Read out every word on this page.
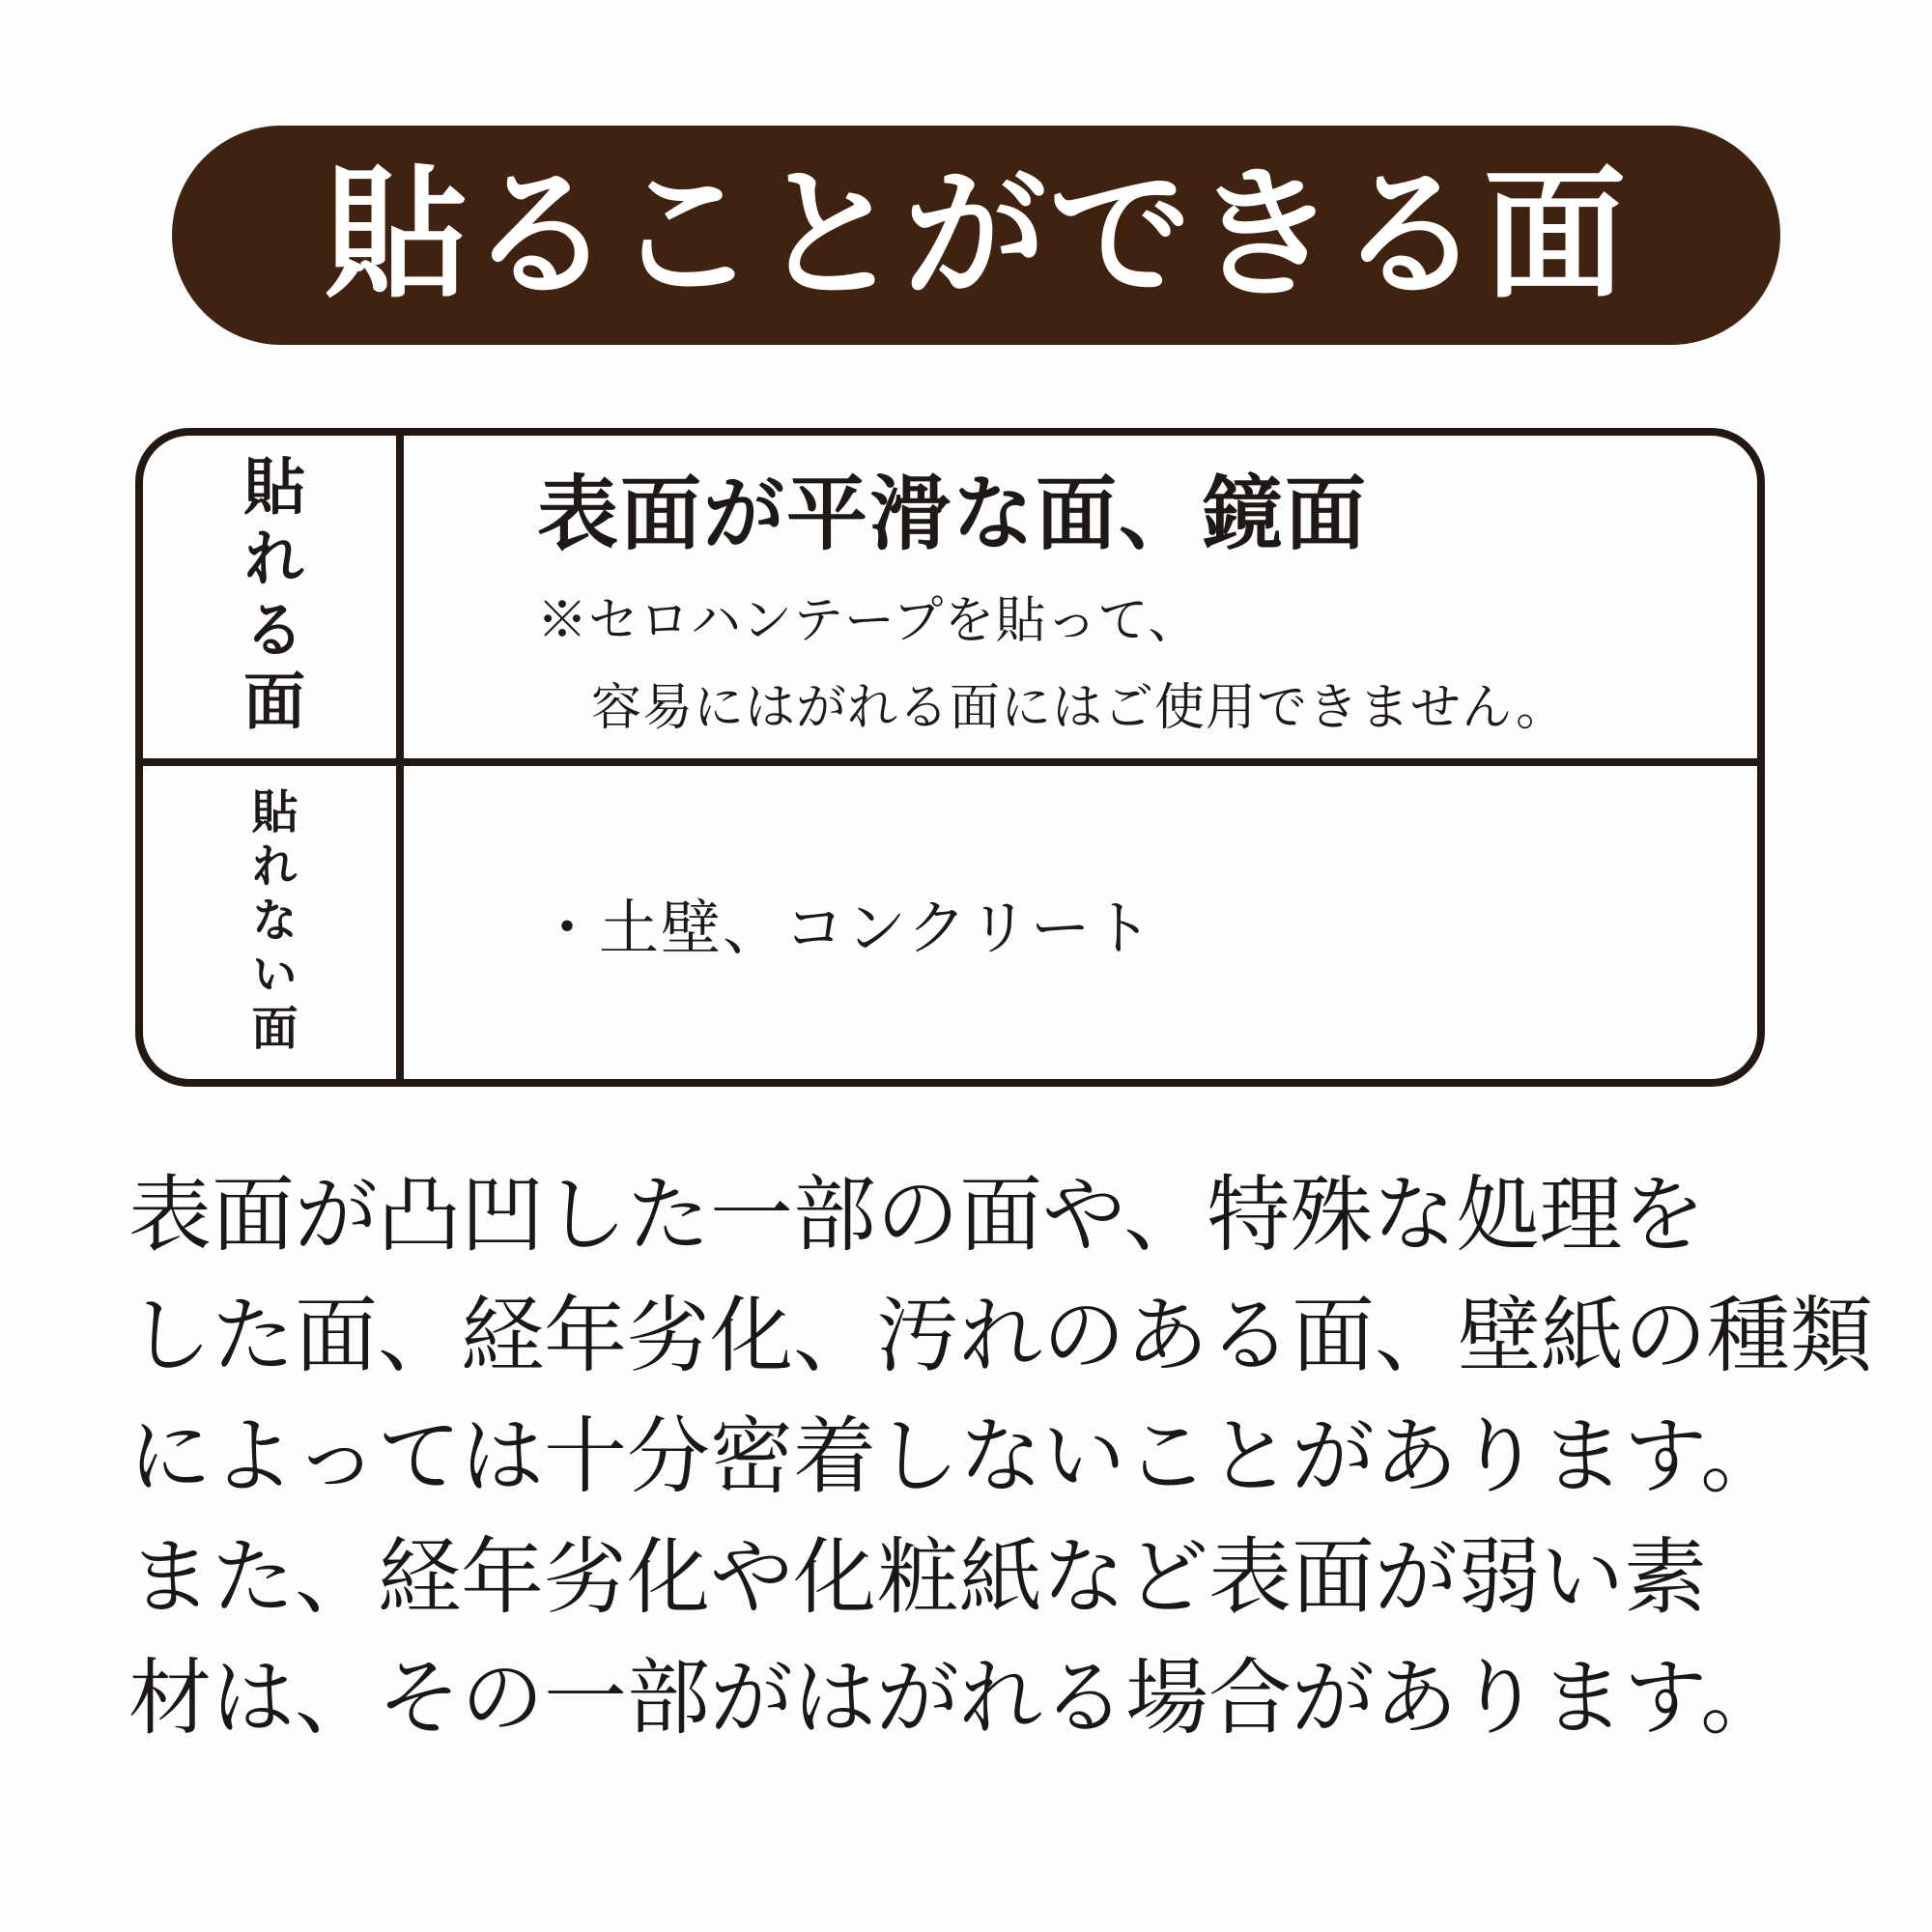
貼ることができる面
貼れる面	表面が平滑な面、鏡面
※セロハンテープを貼って、
容易にはがれる面にはご使用できません。
貼れない面	・土壁、コンクリート
表面が凸凹した一部の面や、特殊な処理を
した面、経年劣化、汚れのある面、壁紙の種類
によっては十分密着しないことがあります。
また、経年劣化や化粧紙など表面が弱い素
材は、その一部がはがれる場合があります。
